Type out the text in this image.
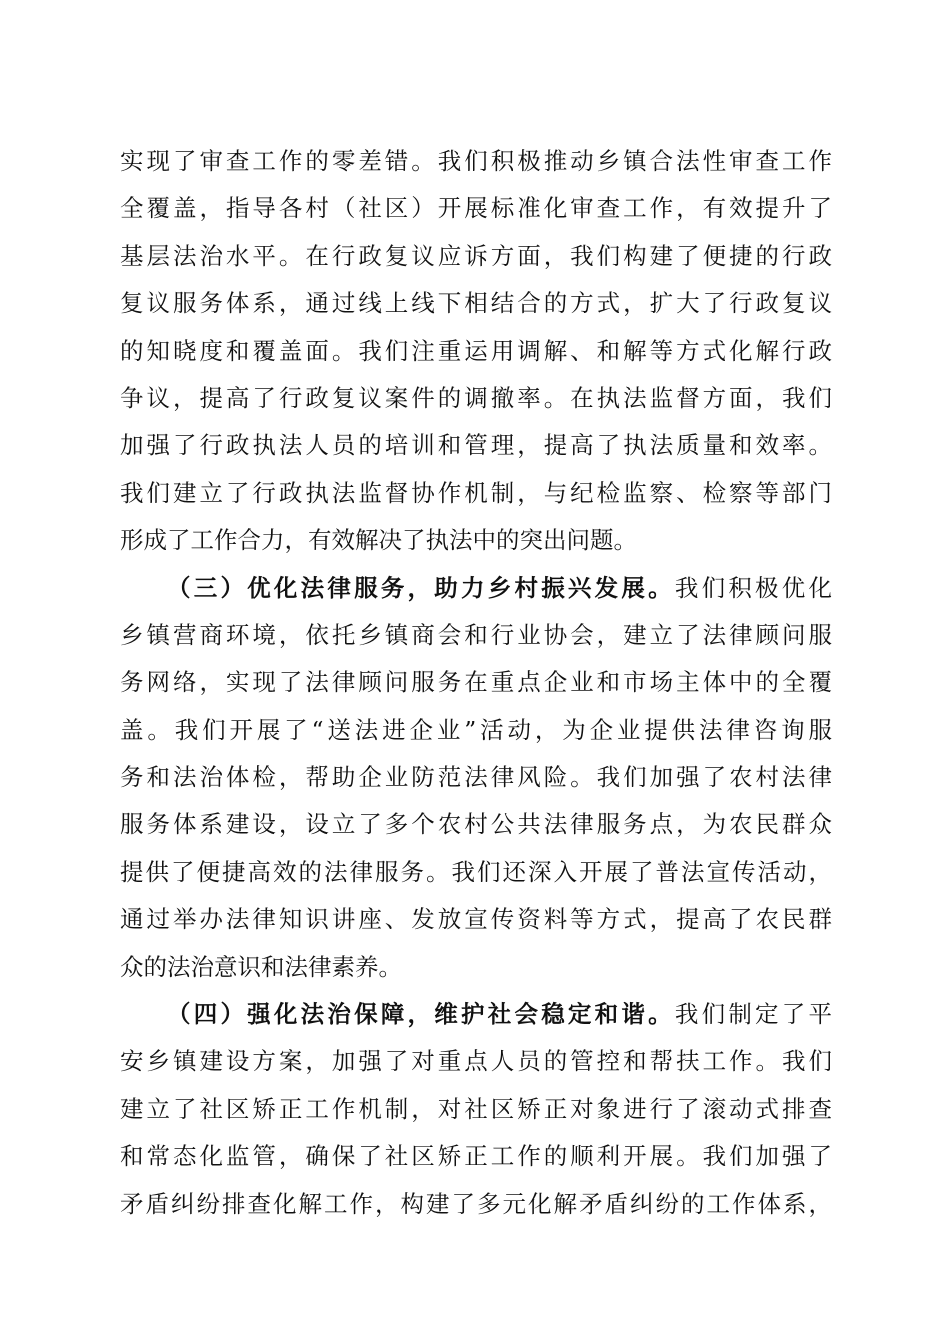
实现了审查工作的零差错。我们积极推动乡镇合法性审查工作
全覆盖，指导各村（社区）开展标准化审查工作，有效提升了
基层法治水平。在行政复议应诉方面，我们构建了便捷的行政
复议服务体系，通过线上线下相结合的方式，扩大了行政复议
的知晓度和覆盖面。我们注重运用调解、和解等方式化解行政
争议，提高了行政复议案件的调撤率。在执法监督方面，我们
加强了行政执法人员的培训和管理，提高了执法质量和效率。
我们建立了行政执法监督协作机制，与纪检监察、检察等部门
形成了工作合力，有效解决了执法中的突出问题。
（三）优化法律服务，助力乡村振兴发展。我们积极优化
乡镇营商环境，依托乡镇商会和行业协会，建立了法律顾问服
务网络，实现了法律顾问服务在重点企业和市场主体中的全覆
盖。我们开展了“送法进企业”活动，为企业提供法律咨询服
务和法治体检，帮助企业防范法律风险。我们加强了农村法律
服务体系建设，设立了多个农村公共法律服务点，为农民群众
提供了便捷高效的法律服务。我们还深入开展了普法宣传活动，
通过举办法律知识讲座、发放宣传资料等方式，提高了农民群
众的法治意识和法律素养。
（四）强化法治保障，维护社会稳定和谐。我们制定了平
安乡镇建设方案，加强了对重点人员的管控和帮扶工作。我们
建立了社区矫正工作机制，对社区矫正对象进行了滚动式排查
和常态化监管，确保了社区矫正工作的顺利开展。我们加强了
矛盾纠纷排查化解工作，构建了多元化解矛盾纠纷的工作体系，
